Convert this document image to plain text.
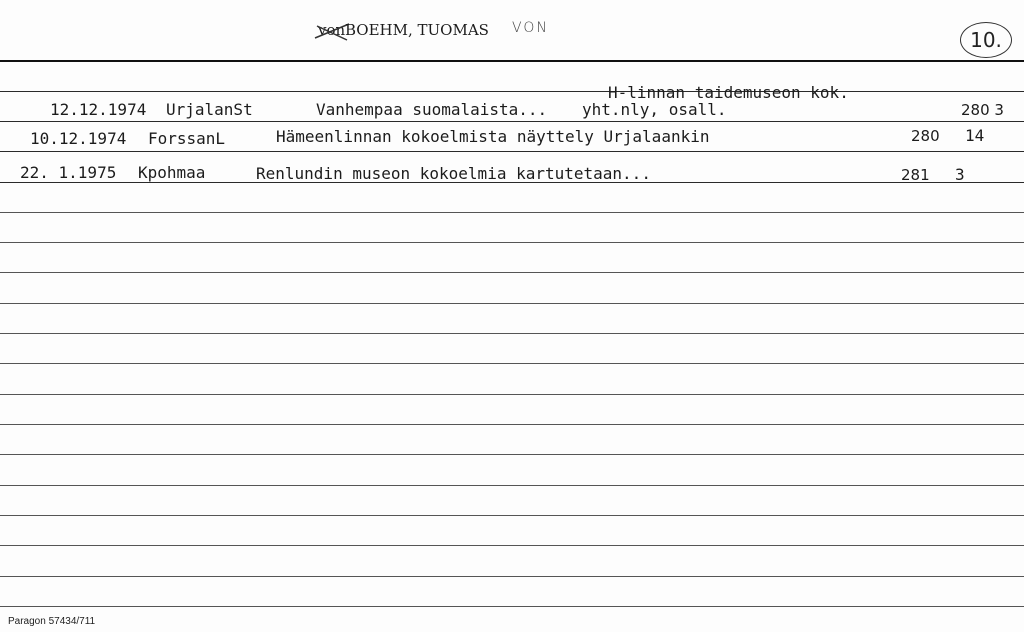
von BOEHM, TUOMAS VON	10.
12.12.1974 UrjalanSt	Vanhempaa suomalaista...
H-linnan taidemuseon kok.
yht.nly, osall.	280 3
10.12.1974 ForssanL	Hämeenlinnan kokoelmista näyttely Urjalaankin	280 14
22. 1.1975 Kpohmaa	Renlundin museon kokoelmia kartutetaan...	281 3
Paragon 57434/711
